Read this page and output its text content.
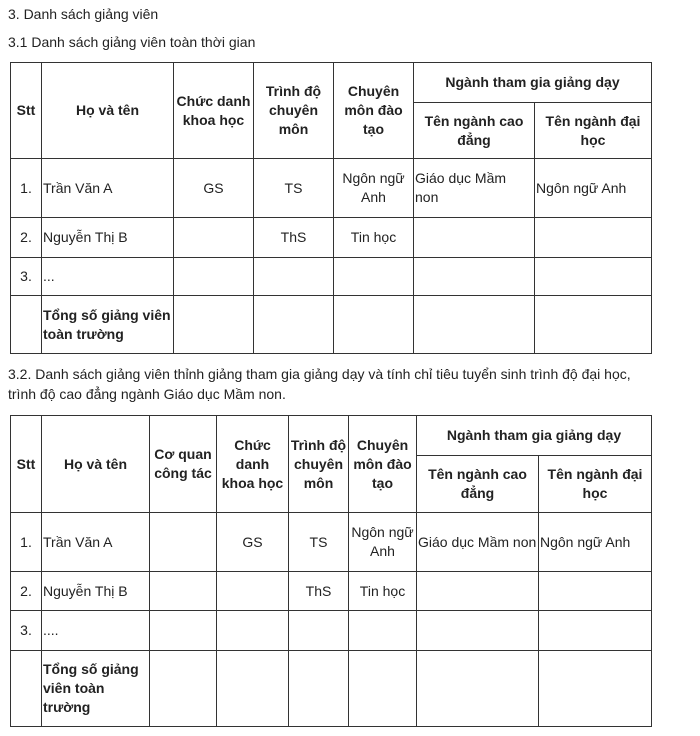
3. Danh sách giảng viên
3.1 Danh sách giảng viên toàn thời gian
Stt	Họ và tên	Chức danh khoa học	Trình độ chuyên môn	Chuyên môn đào tạo	Ngành tham gia giảng dạy	
					Tên ngành cao đẳng	Tên ngành đại học
1.	Trần Văn A	GS	TS	Ngôn ngữ Anh	Giáo dục Mầm non	Ngôn ngữ Anh
2.	Nguyễn Thị B		ThS	Tin học		
3.	...					
	Tổng số giảng viên toàn trường					
3.2. Danh sách giảng viên thỉnh giảng tham gia giảng dạy và tính chỉ tiêu tuyển sinh trình độ đại học, trình độ cao đẳng ngành Giáo dục Mầm non.
Stt	Họ và tên	Cơ quan công tác	Chức danh khoa học	Trình độ chuyên môn	Chuyên môn đào tạo	Ngành tham gia giảng dạy	
						Tên ngành cao đẳng	Tên ngành đại học
1.	Trần Văn A		GS	TS	Ngôn ngữ Anh	Giáo dục Mầm non	Ngôn ngữ Anh
2.	Nguyễn Thị B			ThS	Tin học		
3.	....						
	Tổng số giảng viên toàn trường						
